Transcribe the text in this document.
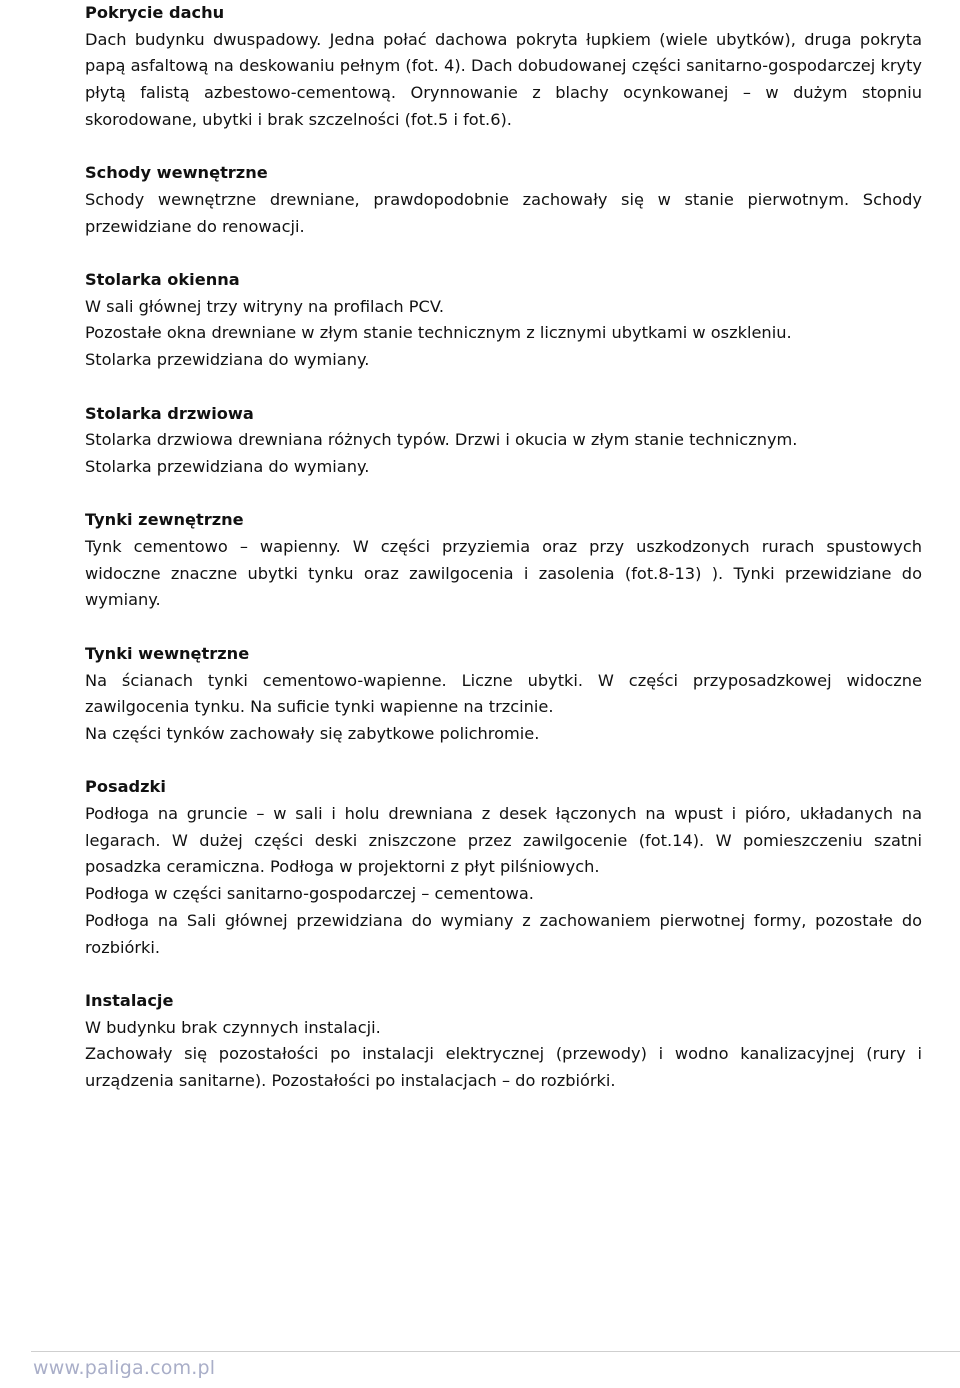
Pokrycie dachu

Dach budynku dwuspadowy. Jedna połać dachowa pokryta łupkiem (wiele ubytków), druga pokryta papą asfaltową na deskowaniu pełnym (fot. 4). Dach dobudowanej części sanitarno-gospodarczej kryty płytą falistą azbestowo-cementową. Orynnowanie z blachy ocynkowanej – w dużym stopniu skorodowane, ubytki i brak szczelności (fot.5 i fot.6).

Schody wewnętrzne

Schody wewnętrzne drewniane, prawdopodobnie zachowały się w stanie pierwotnym. Schody przewidziane do renowacji.

Stolarka okienna

W sali głównej trzy witryny na profilach PCV.

Pozostałe okna drewniane w złym stanie technicznym z licznymi ubytkami w oszkleniu.

Stolarka przewidziana do wymiany.

Stolarka drzwiowa

Stolarka drzwiowa drewniana różnych typów. Drzwi i okucia w złym stanie technicznym.

Stolarka przewidziana do wymiany.

Tynki zewnętrzne

Tynk cementowo – wapienny. W części przyziemia oraz przy uszkodzonych rurach spustowych widoczne znaczne ubytki tynku oraz zawilgocenia i zasolenia (fot.8-13) ). Tynki przewidziane do wymiany.

Tynki wewnętrzne

Na ścianach tynki cementowo-wapienne. Liczne ubytki. W części przyposadzkowej widoczne zawilgocenia tynku. Na suficie tynki wapienne na trzcinie.

Na części tynków zachowały się zabytkowe polichromie.

Posadzki

Podłoga na gruncie – w sali i holu drewniana z desek łączonych na wpust i pióro, układanych na legarach. W dużej części deski zniszczone przez zawilgocenie (fot.14). W pomieszczeniu szatni posadzka ceramiczna. Podłoga w projektorni z płyt pilśniowych.

Podłoga w części sanitarno-gospodarczej – cementowa.

Podłoga na Sali głównej przewidziana do wymiany z zachowaniem pierwotnej formy, pozostałe do rozbiórki.

Instalacje

W budynku brak czynnych instalacji.

Zachowały się pozostałości po instalacji elektrycznej (przewody) i wodno kanalizacyjnej (rury i urządzenia sanitarne). Pozostałości po instalacjach – do rozbiórki.

www.paliga.com.pl
